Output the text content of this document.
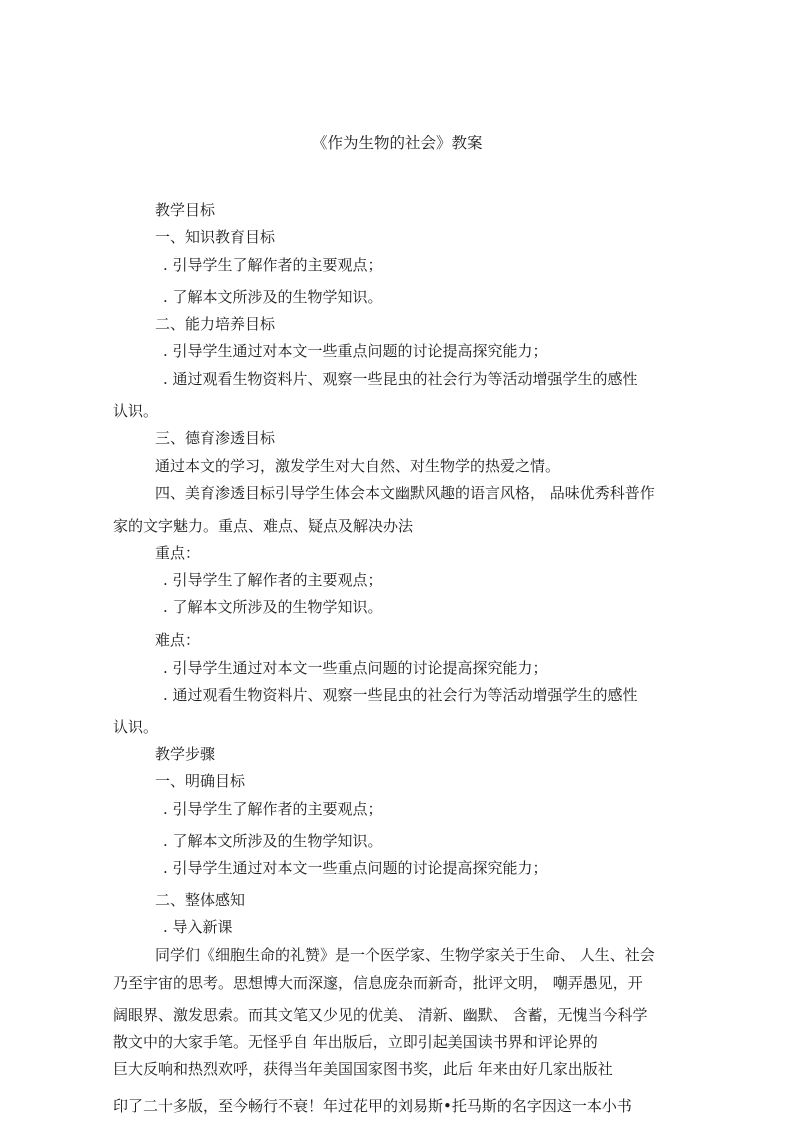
《作为生物的社会》教案
教学目标
一、知识教育目标
. 引导学生了解作者的主要观点；
. 了解本文所涉及的生物学知识。
二、能力培养目标
. 引导学生通过对本文一些重点问题的讨论提高探究能力；
. 通过观看生物资料片、观察一些昆虫的社会行为等活动增强学生的感性
认识。
三、德育渗透目标
通过本文的学习，激发学生对大自然、对生物学的热爱之情。
四、美育渗透目标引导学生体会本文幽默风趣的语言风格， 品味优秀科普作
家的文字魅力。重点、难点、疑点及解决办法
重点：
. 引导学生了解作者的主要观点；
. 了解本文所涉及的生物学知识。
难点：
. 引导学生通过对本文一些重点问题的讨论提高探究能力；
. 通过观看生物资料片、观察一些昆虫的社会行为等活动增强学生的感性
认识。
教学步骤
一、明确目标
. 引导学生了解作者的主要观点；
. 了解本文所涉及的生物学知识。
. 引导学生通过对本文一些重点问题的讨论提高探究能力；
二、整体感知
. 导入新课
同学们《细胞生命的礼赞》是一个医学家、生物学家关于生命、 人生、社会
乃至宇宙的思考。思想博大而深邃，信息庞杂而新奇，批评文明， 嘲弄愚见，开
阔眼界、激发思索。而其文笔又少见的优美、 清新、幽默、 含蓄，无愧当今科学
散文中的大家手笔。无怪乎自 年出版后，立即引起美国读书界和评论界的
巨大反响和热烈欢呼，获得当年美国国家图书奖，此后 年来由好几家出版社
印了二十多版，至今畅行不衰！年过花甲的刘易斯•托马斯的名字因这一本小书
